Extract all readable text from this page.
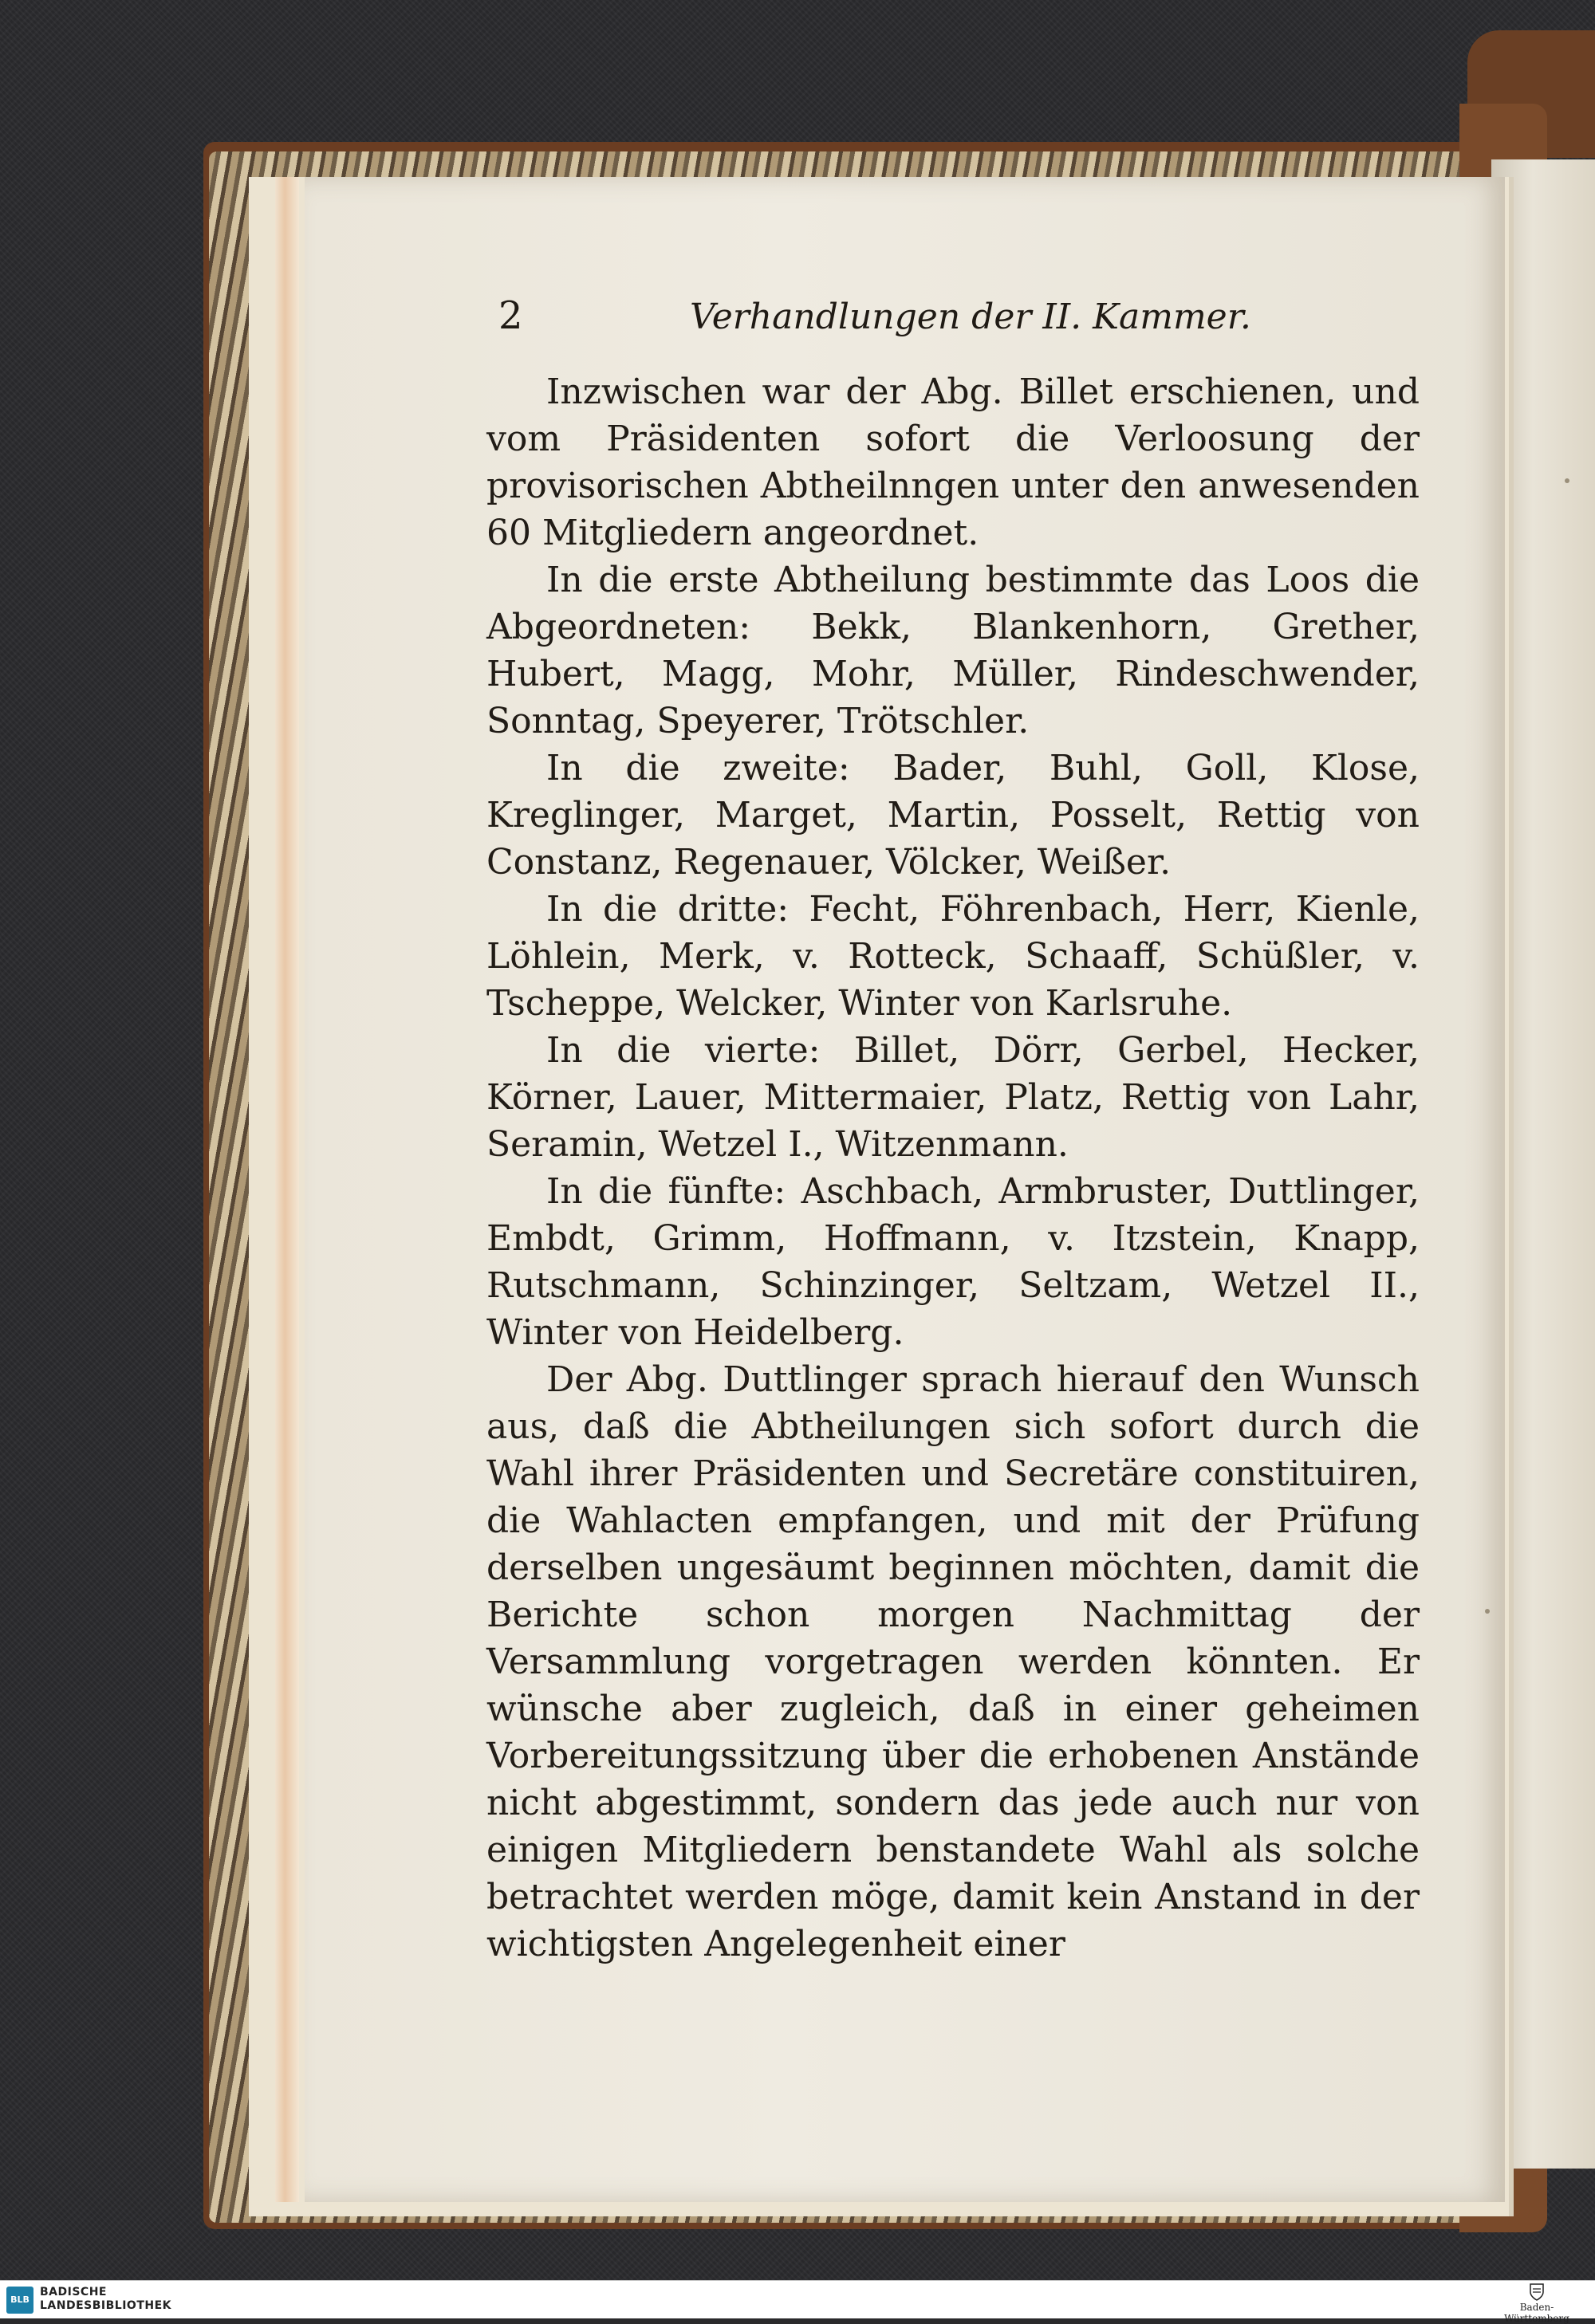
2	Verhandlungen der II. Kammer.

Inzwischen war der Abg. Billet erschienen, und vom Präsidenten sofort die Verloosung der provisorischen Abtheilnngen unter den anwesenden 60 Mitgliedern angeordnet.

In die erste Abtheilung bestimmte das Loos die Abgeordneten: Bekk, Blankenhorn, Grether, Hubert, Magg, Mohr, Müller, Rindeschwender, Sonntag, Speyerer, Trötschler.

In die zweite: Bader, Buhl, Goll, Klose, Kreglinger, Marget, Martin, Posselt, Rettig von Constanz, Regenauer, Völcker, Weißer.

In die dritte: Fecht, Föhrenbach, Herr, Kienle, Löhlein, Merk, v. Rotteck, Schaaff, Schüßler, v. Tscheppe, Welcker, Winter von Karlsruhe.

In die vierte: Billet, Dörr, Gerbel, Hecker, Körner, Lauer, Mittermaier, Platz, Rettig von Lahr, Seramin, Wetzel I., Witzenmann.

In die fünfte: Aschbach, Armbruster, Duttlinger, Embdt, Grimm, Hoffmann, v. Itzstein, Knapp, Rutschmann, Schinzinger, Seltzam, Wetzel II., Winter von Heidelberg.

Der Abg. Duttlinger sprach hierauf den Wunsch aus, daß die Abtheilungen sich sofort durch die Wahl ihrer Präsidenten und Secretäre constituiren, die Wahlacten empfangen, und mit der Prüfung derselben ungesäumt beginnen möchten, damit die Berichte schon morgen Nachmittag der Versammlung vorgetragen werden könnten. Er wünsche aber zugleich, daß in einer geheimen Vorbereitungssitzung über die erhobenen Anstände nicht abgestimmt, sondern das jede auch nur von einigen Mitgliedern benstandete Wahl als solche betrachtet werden möge, damit kein Anstand in der wichtigsten Angelegenheit einer

BLB
BADISCHE
LANDESBIBLIOTHEK	Baden-Württemberg
